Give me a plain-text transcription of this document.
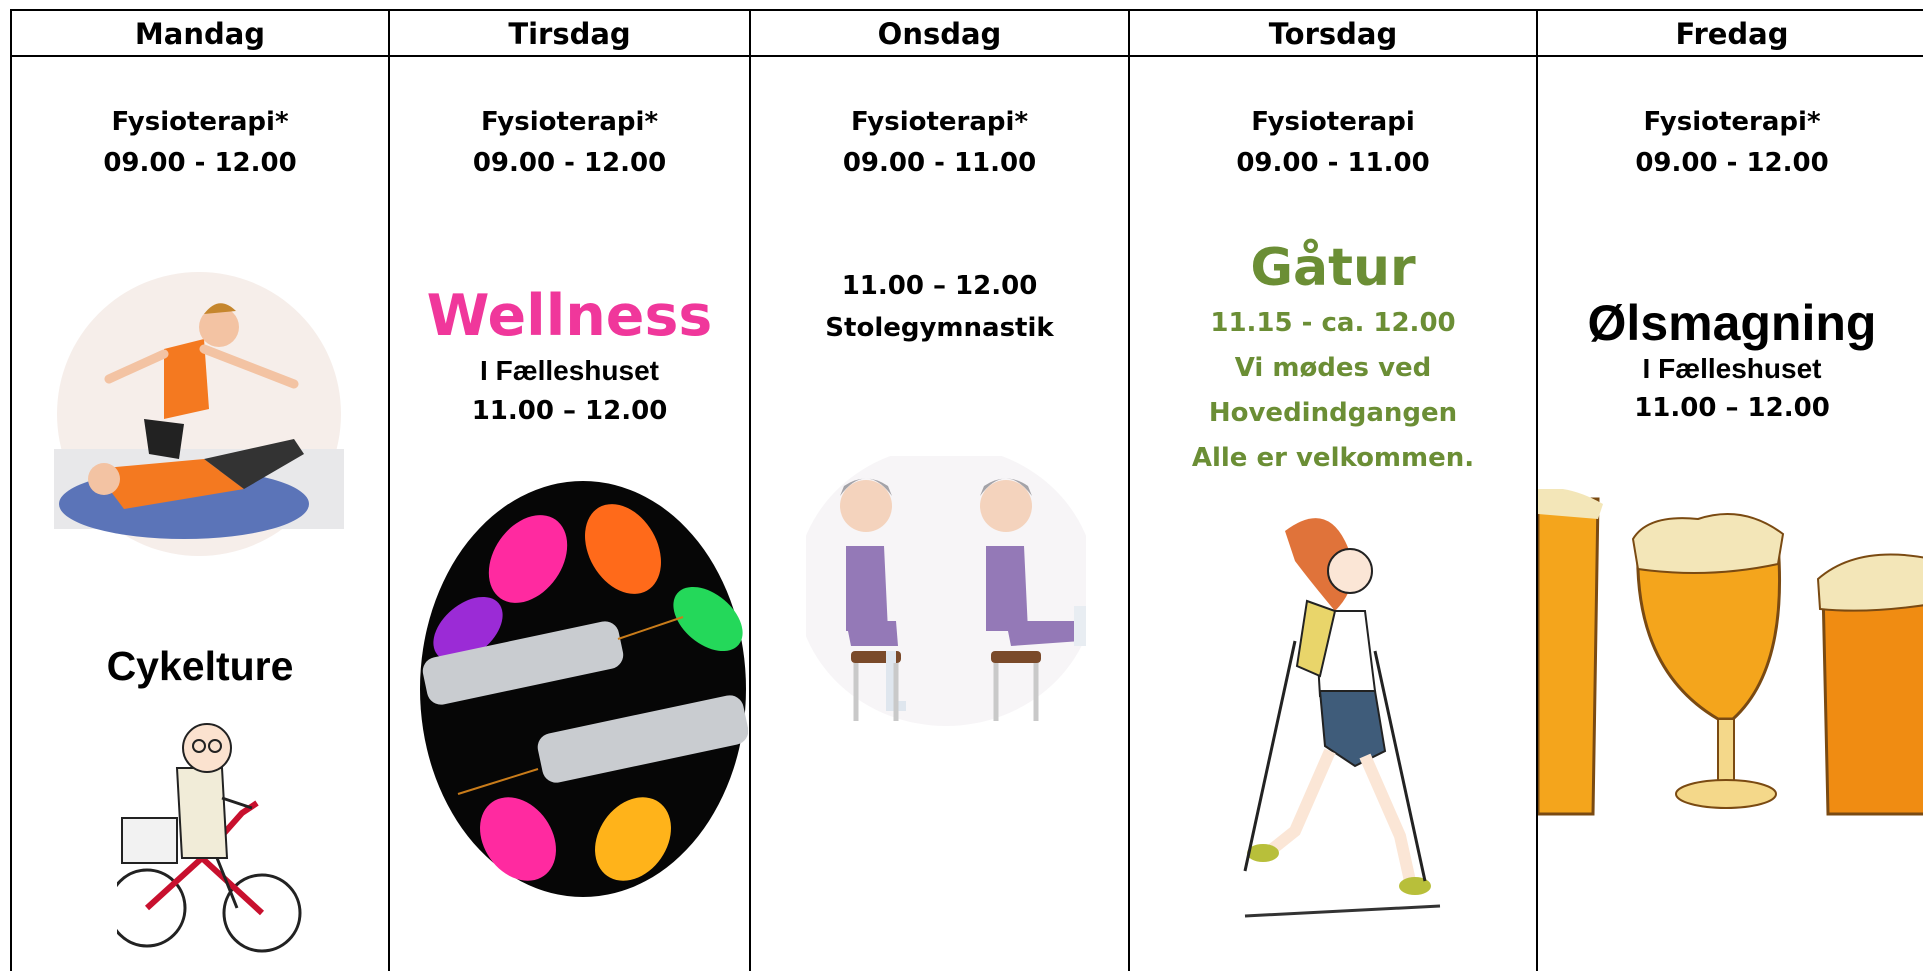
Mandag
Fysioterapi*
09.00 - 12.00
Cykelture
Tirsdag
Fysioterapi*
09.00 - 12.00
Wellness
I Fælleshuset
11.00 – 12.00
Onsdag
Fysioterapi*
09.00 - 11.00
11.00 – 12.00
Stolegymnastik
Torsdag
Fysioterapi
09.00 - 11.00
Gåtur
11.15 - ca. 12.00
Vi mødes ved
Hovedindgangen
Alle er velkommen.
Fredag
Fysioterapi*
09.00 - 12.00
Ølsmagning
I Fælleshuset
11.00 – 12.00
